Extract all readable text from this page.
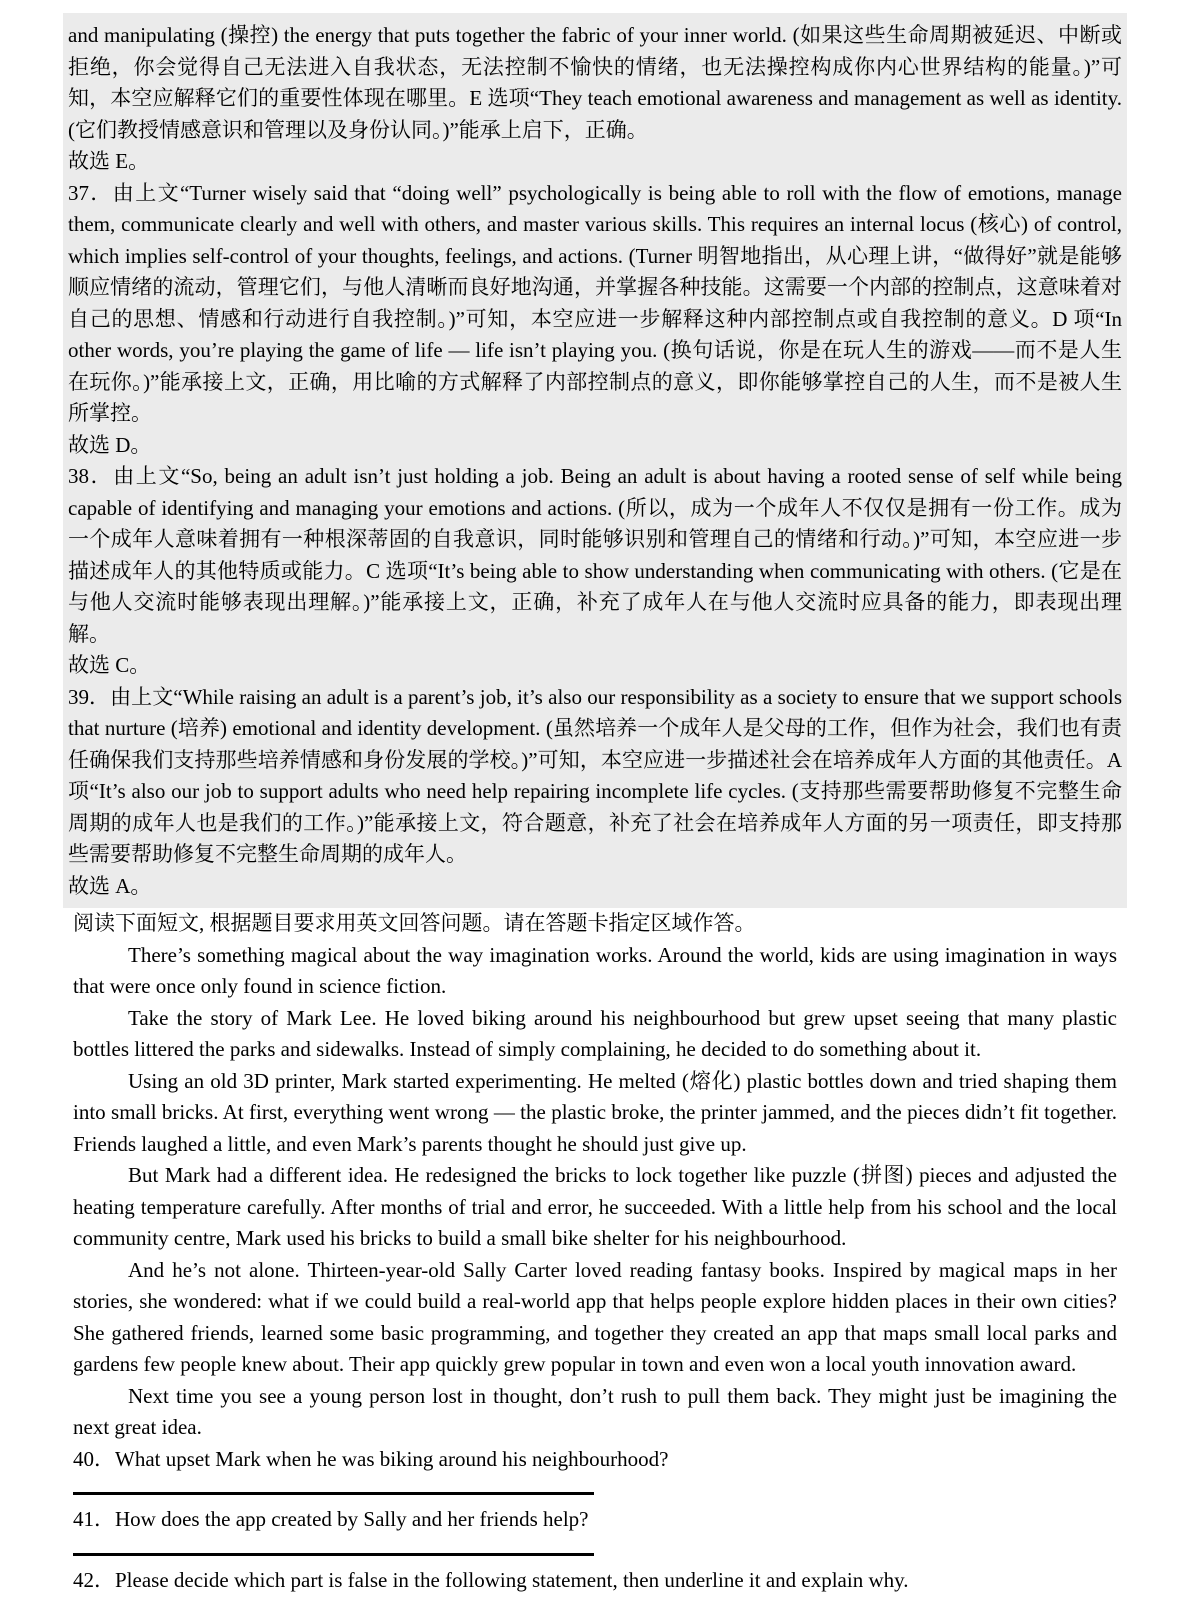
and manipulating (操控) the energy that puts together the fabric of your inner world. (如果这些生命周期被延迟、中断或拒绝，你会觉得自己无法进入自我状态，无法控制不愉快的情绪，也无法操控构成你内心世界结构的能量。)”可知，本空应解释它们的重要性体现在哪里。E 选项“They teach emotional awareness and management as well as identity. (它们教授情感意识和管理以及身份认同。)”能承上启下，正确。

故选 E。

37．由上文“Turner wisely said that “doing well” psychologically is being able to roll with the flow of emotions, manage them, communicate clearly and well with others, and master various skills. This requires an internal locus (核心) of control, which implies self-control of your thoughts, feelings, and actions. (Turner 明智地指出，从心理上讲，“做得好”就是能够顺应情绪的流动，管理它们，与他人清晰而良好地沟通，并掌握各种技能。这需要一个内部的控制点，这意味着对自己的思想、情感和行动进行自我控制。)”可知，本空应进一步解释这种内部控制点或自我控制的意义。D 项“In other words, you’re playing the game of life — life isn’t playing you. (换句话说，你是在玩人生的游戏——而不是人生在玩你。)”能承接上文，正确，用比喻的方式解释了内部控制点的意义，即你能够掌控自己的人生，而不是被人生所掌控。

故选 D。

38．由上文“So, being an adult isn’t just holding a job. Being an adult is about having a rooted sense of self while being capable of identifying and managing your emotions and actions. (所以，成为一个成年人不仅仅是拥有一份工作。成为一个成年人意味着拥有一种根深蒂固的自我意识，同时能够识别和管理自己的情绪和行动。)”可知，本空应进一步描述成年人的其他特质或能力。C 选项“It’s being able to show understanding when communicating with others. (它是在与他人交流时能够表现出理解。)”能承接上文，正确，补充了成年人在与他人交流时应具备的能力，即表现出理解。

故选 C。

39．由上文“While raising an adult is a parent’s job, it’s also our responsibility as a society to ensure that we support schools that nurture (培养) emotional and identity development. (虽然培养一个成年人是父母的工作，但作为社会，我们也有责任确保我们支持那些培养情感和身份发展的学校。)”可知，本空应进一步描述社会在培养成年人方面的其他责任。A 项“It’s also our job to support adults who need help repairing incomplete life cycles. (支持那些需要帮助修复不完整生命周期的成年人也是我们的工作。)”能承接上文，符合题意，补充了社会在培养成年人方面的另一项责任，即支持那些需要帮助修复不完整生命周期的成年人。

故选 A。

阅读下面短文, 根据题目要求用英文回答问题。请在答题卡指定区域作答。

There’s something magical about the way imagination works. Around the world, kids are using imagination in ways that were once only found in science fiction.

Take the story of Mark Lee. He loved biking around his neighbourhood but grew upset seeing that many plastic bottles littered the parks and sidewalks. Instead of simply complaining, he decided to do something about it.

Using an old 3D printer, Mark started experimenting. He melted (熔化) plastic bottles down and tried shaping them into small bricks. At first, everything went wrong — the plastic broke, the printer jammed, and the pieces didn’t fit together. Friends laughed a little, and even Mark’s parents thought he should just give up.

But Mark had a different idea. He redesigned the bricks to lock together like puzzle (拼图) pieces and adjusted the heating temperature carefully. After months of trial and error, he succeeded. With a little help from his school and the local community centre, Mark used his bricks to build a small bike shelter for his neighbourhood.

And he’s not alone. Thirteen-year-old Sally Carter loved reading fantasy books. Inspired by magical maps in her stories, she wondered: what if we could build a real-world app that helps people explore hidden places in their own cities? She gathered friends, learned some basic programming, and together they created an app that maps small local parks and gardens few people knew about. Their app quickly grew popular in town and even won a local youth innovation award.

Next time you see a young person lost in thought, don’t rush to pull them back. They might just be imagining the next great idea.

40．What upset Mark when he was biking around his neighbourhood?

41．How does the app created by Sally and her friends help?

42．Please decide which part is false in the following statement, then underline it and explain why.
